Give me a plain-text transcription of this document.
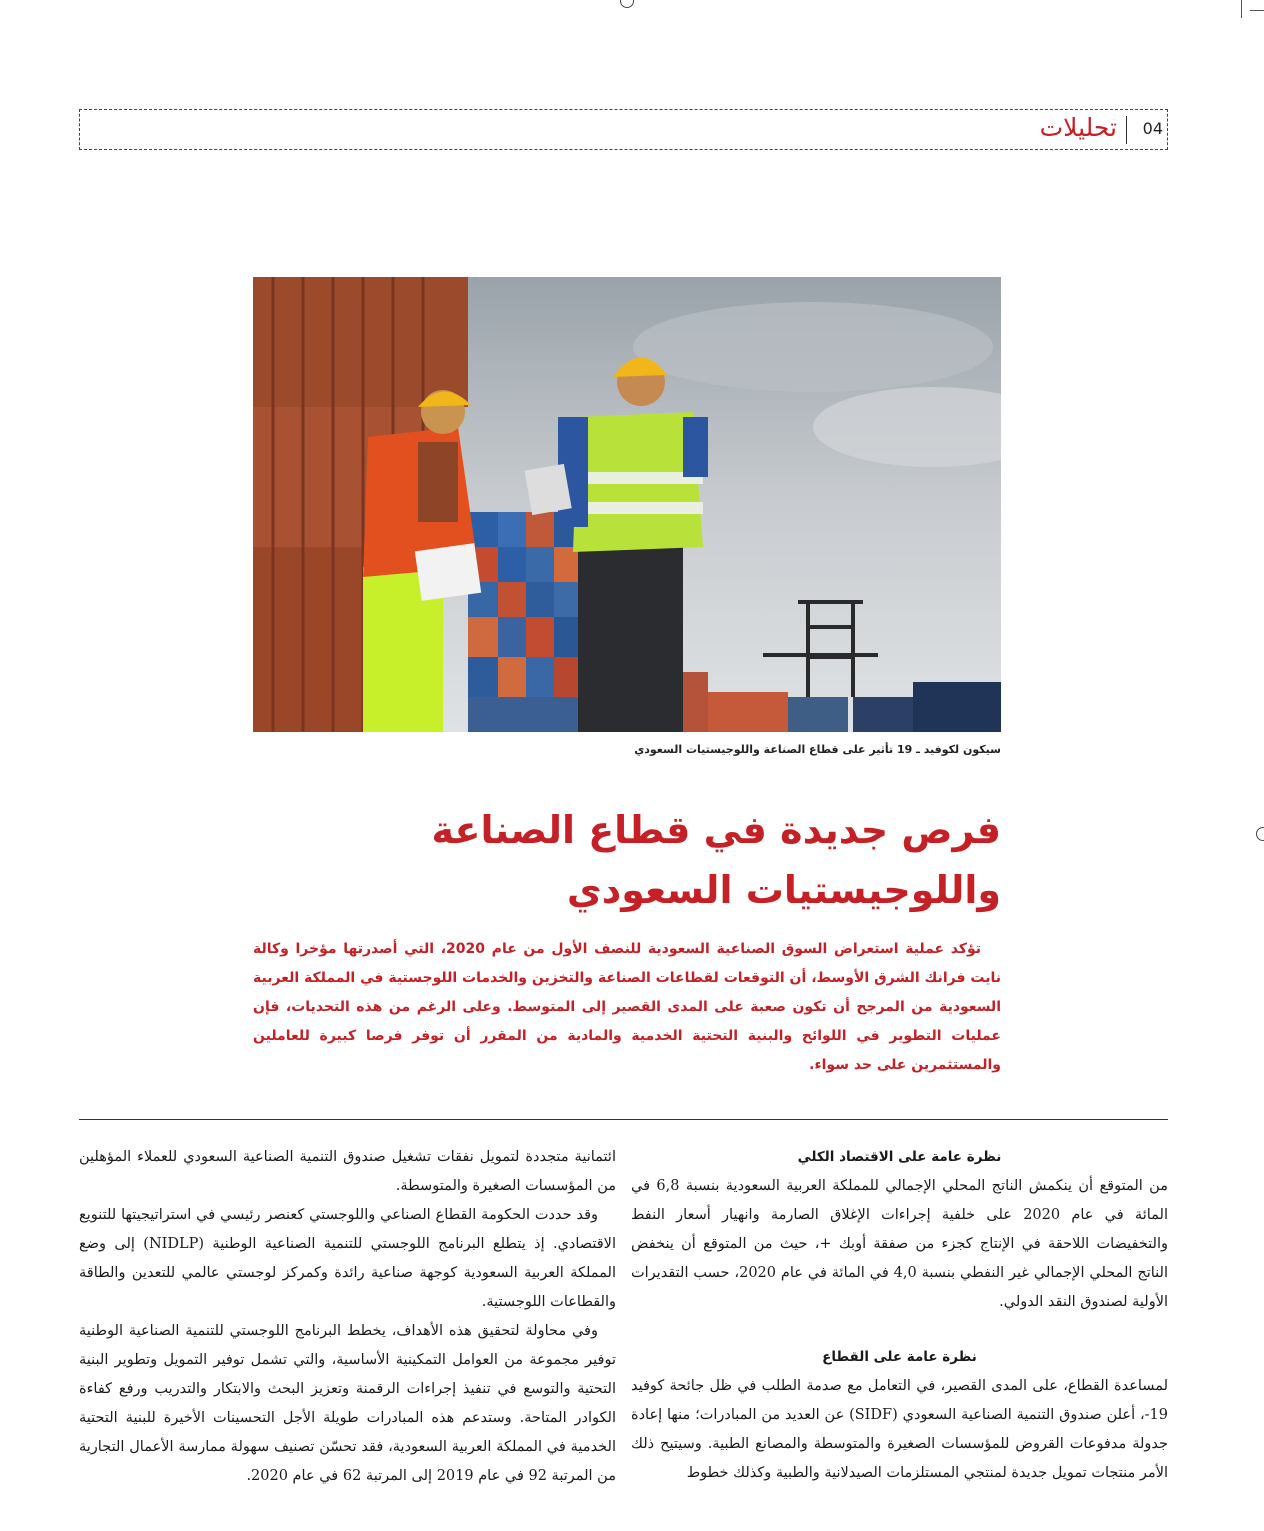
تحليلات 04
سيكون لكوفيد ـ 19 تأثير على قطاع الصناعة واللوجيستيات السعودي
فرص جديدة في قطاع الصناعة
واللوجيستيات السعودي
تؤكد عملية استعراض السوق الصناعية السعودية للنصف الأول من عام 2020، التي أصدرتها مؤخرا وكالة نايت فرانك الشرق الأوسط، أن التوقعات لقطاعات الصناعة والتخزين والخدمات اللوجستية في المملكة العربية السعودية من المرجح أن تكون صعبة على المدى القصير إلى المتوسط. وعلى الرغم من هذه التحديات، فإن عمليات التطوير في اللوائح والبنية التحتية الخدمية والمادية من المقرر أن توفر فرصا كبيرة للعاملين والمستثمرين على حد سواء.
نظرة عامة على الاقتصاد الكلي

من المتوقع أن ينكمش الناتج المحلي الإجمالي للمملكة العربية السعودية بنسبة 6,8 في المائة في عام 2020 على خلفية إجراءات الإغلاق الصارمة وانهيار أسعار النفط والتخفيضات اللاحقة في الإنتاج كجزء من صفقة أوبك +، حيث من المتوقع أن ينخفض الناتج المحلي الإجمالي غير النفطي بنسبة 4,0 في المائة في عام 2020، حسب التقديرات الأولية لصندوق النقد الدولي.

نظرة عامة على القطاع

لمساعدة القطاع، على المدى القصير، في التعامل مع صدمة الطلب في ظل جائحة كوفيد 19-، أعلن صندوق التنمية الصناعية السعودي (SIDF) عن العديد من المبادرات؛ منها إعادة جدولة مدفوعات القروض للمؤسسات الصغيرة والمتوسطة والمصانع الطبية. وسيتيح ذلك الأمر منتجات تمويل جديدة لمنتجي المستلزمات الصيدلانية والطبية وكذلك خطوط

ائتمانية متجددة لتمويل نفقات تشغيل صندوق التنمية الصناعية السعودي للعملاء المؤهلين من المؤسسات الصغيرة والمتوسطة.

وقد حددت الحكومة القطاع الصناعي واللوجستي كعنصر رئيسي في استراتيجيتها للتنويع الاقتصادي. إذ يتطلع البرنامج اللوجستي للتنمية الصناعية الوطنية (NIDLP) إلى وضع المملكة العربية السعودية كوجهة صناعية رائدة وكمركز لوجستي عالمي للتعدين والطاقة والقطاعات اللوجستية.

وفي محاولة لتحقيق هذه الأهداف، يخطط البرنامج اللوجستي للتنمية الصناعية الوطنية توفير مجموعة من العوامل التمكينية الأساسية، والتي تشمل توفير التمويل وتطوير البنية التحتية والتوسع في تنفيذ إجراءات الرقمنة وتعزيز البحث والابتكار والتدريب ورفع كفاءة الكوادر المتاحة. وستدعم هذه المبادرات طويلة الأجل التحسينات الأخيرة للبنية التحتية الخدمية في المملكة العربية السعودية، فقد تحسّن تصنيف سهولة ممارسة الأعمال التجارية من المرتبة 92 في عام 2019 إلى المرتبة 62 في عام 2020.
